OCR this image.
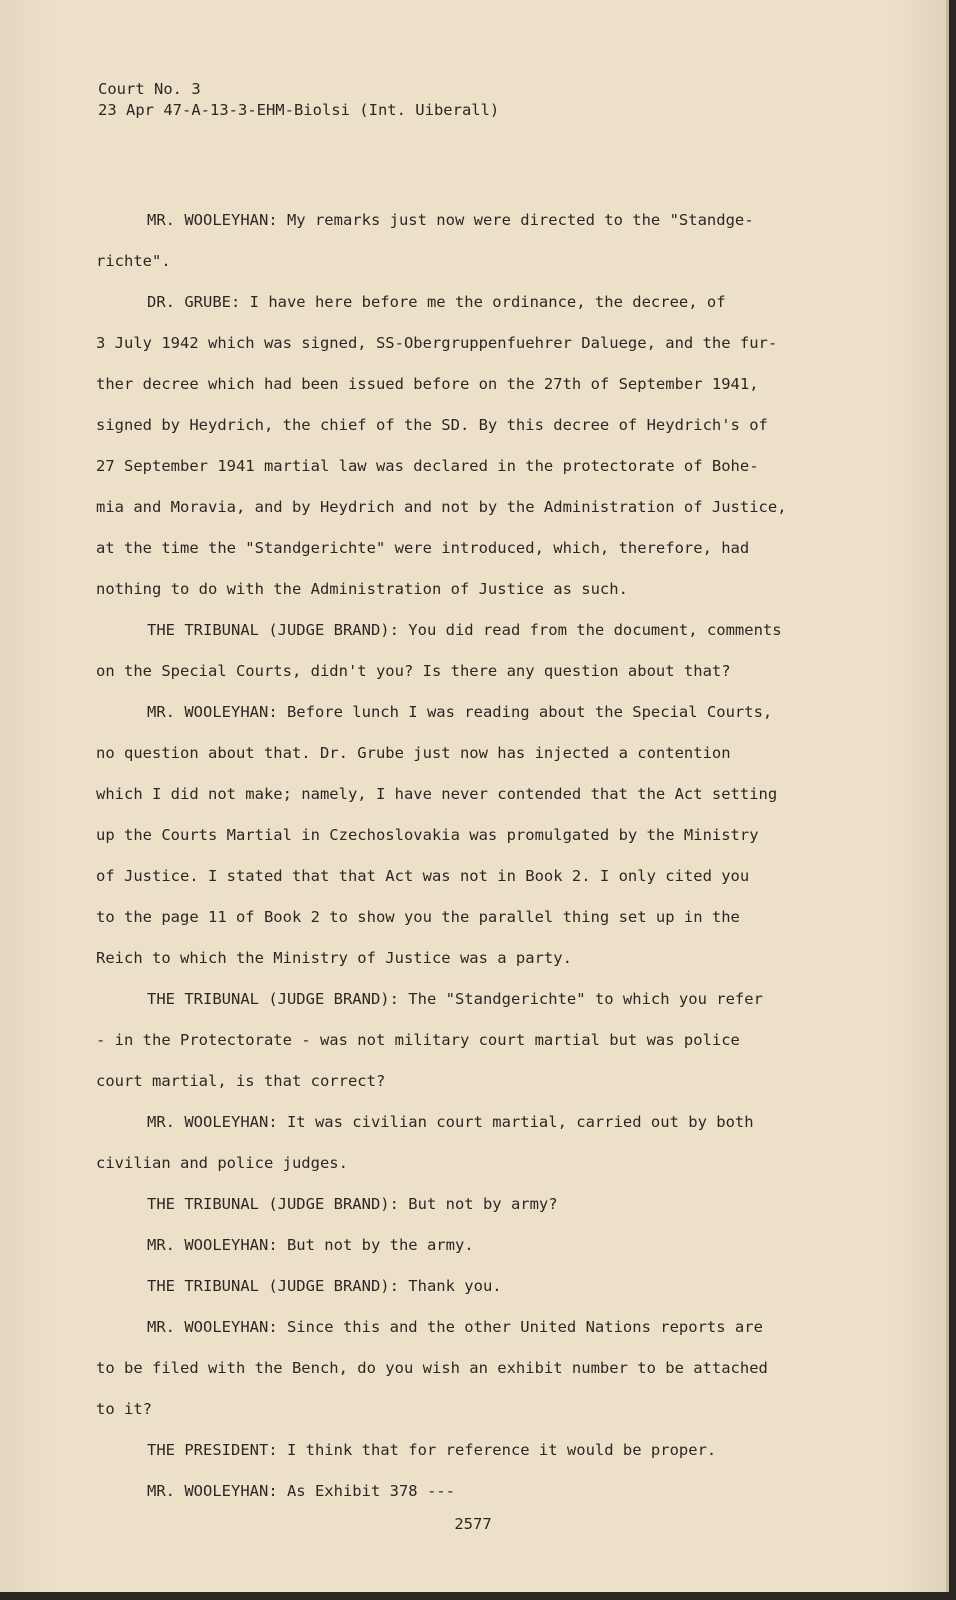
Court No. 3
23 Apr 47-A-13-3-EHM-Biolsi (Int. Uiberall)
MR. WOOLEYHAN: My remarks just now were directed to the "Standge-
richte".
DR. GRUBE: I have here before me the ordinance, the decree, of
3 July 1942 which was signed, SS-Obergruppenfuehrer Daluege, and the fur-
ther decree which had been issued before on the 27th of September 1941,
signed by Heydrich, the chief of the SD. By this decree of Heydrich's of
27 September 1941 martial law was declared in the protectorate of Bohe-
mia and Moravia, and by Heydrich and not by the Administration of Justice,
at the time the "Standgerichte" were introduced, which, therefore, had
nothing to do with the Administration of Justice as such.
THE TRIBUNAL (JUDGE BRAND): You did read from the document, comments
on the Special Courts, didn't you? Is there any question about that?
MR. WOOLEYHAN: Before lunch I was reading about the Special Courts,
no question about that. Dr. Grube just now has injected a contention
which I did not make; namely, I have never contended that the Act setting
up the Courts Martial in Czechoslovakia was promulgated by the Ministry
of Justice. I stated that that Act was not in Book 2. I only cited you
to the page 11 of Book 2 to show you the parallel thing set up in the
Reich to which the Ministry of Justice was a party.
THE TRIBUNAL (JUDGE BRAND): The "Standgerichte" to which you refer
- in the Protectorate - was not military court martial but was police
court martial, is that correct?
MR. WOOLEYHAN: It was civilian court martial, carried out by both
civilian and police judges.
THE TRIBUNAL (JUDGE BRAND): But not by army?
MR. WOOLEYHAN: But not by the army.
THE TRIBUNAL (JUDGE BRAND): Thank you.
MR. WOOLEYHAN: Since this and the other United Nations reports are
to be filed with the Bench, do you wish an exhibit number to be attached
to it?
THE PRESIDENT: I think that for reference it would be proper.
MR. WOOLEYHAN: As Exhibit 378 ---
2577
